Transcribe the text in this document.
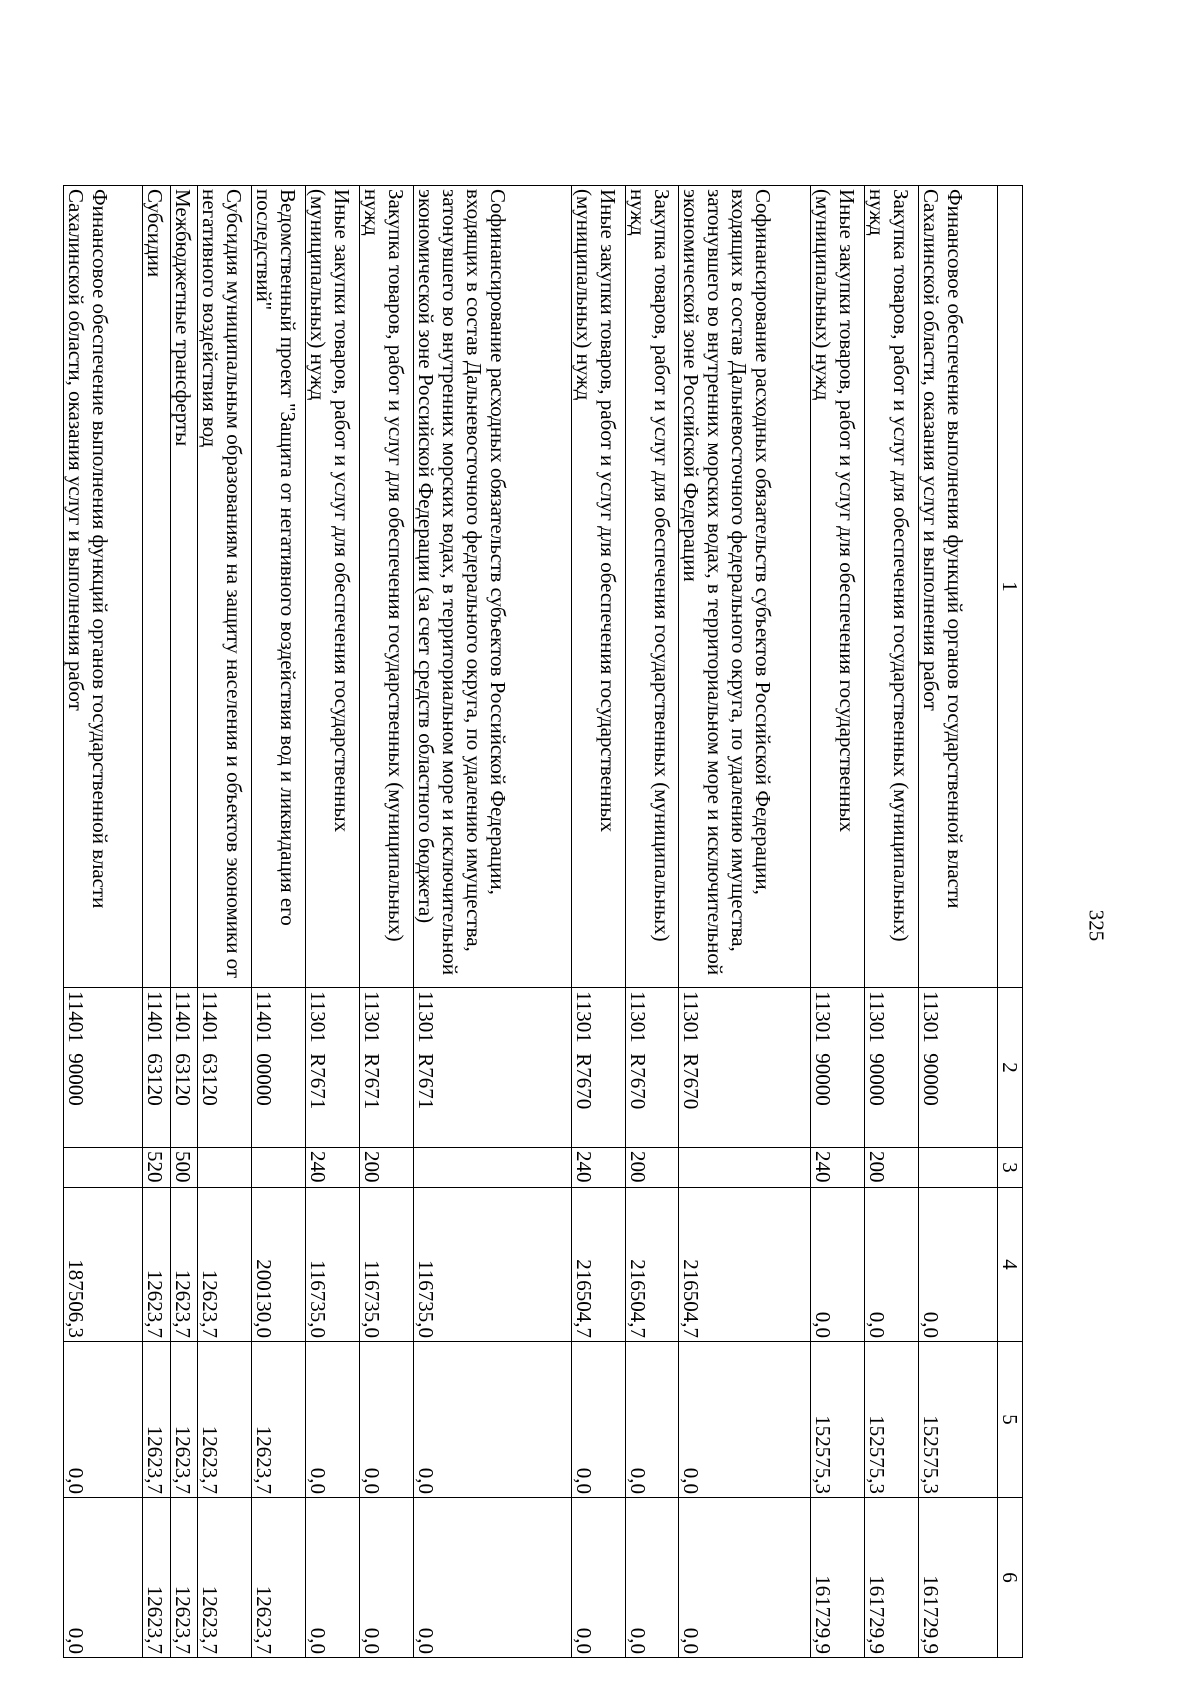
325
1	2	3	4	5	6
Финансовое обеспечение выполнения функций органов государственной власти Сахалинской области, оказания услуг и выполнения работ	11301  90000		0,0	152575,3	161729,9
Закупка товаров, работ и услуг для обеспечения государственных (муниципальных) нужд	11301  90000	200	0,0	152575,3	161729,9
Иные закупки товаров, работ и услуг для обеспечения государственных (муниципальных) нужд	11301  90000	240	0,0	152575,3	161729,9
Софинансирование расходных обязательств субъектов Российской Федерации, входящих в состав Дальневосточного федерального округа, по удалению имущества, затонувшего во внутренних морских водах, в территориальном море и исключительной экономической зоне Российской Федерации	11301  R7670		216504,7	0,0	0,0
Закупка товаров, работ и услуг для обеспечения государственных (муниципальных) нужд	11301  R7670	200	216504,7	0,0	0,0
Иные закупки товаров, работ и услуг для обеспечения государственных (муниципальных) нужд	11301  R7670	240	216504,7	0,0	0,0
Софинансирование расходных обязательств субъектов Российской Федерации, входящих в состав Дальневосточного федерального округа, по удалению имущества, затонувшего во внутренних морских водах, в территориальном море и исключительной экономической зоне Российской Федерации (за счет средств областного бюджета)	11301  R7671		116735,0	0,0	0,0
Закупка товаров, работ и услуг для обеспечения государственных (муниципальных) нужд	11301  R7671	200	116735,0	0,0	0,0
Иные закупки товаров, работ и услуг для обеспечения государственных (муниципальных) нужд	11301  R7671	240	116735,0	0,0	0,0
Ведомственный проект "Защита от негативного воздействия вод и ликвидация его последствий"	11401  00000		200130,0	12623,7	12623,7
Субсидия муниципальным образованиям на защиту населения и объектов экономики от негативного воздействия вод	11401  63120		12623,7	12623,7	12623,7
Межбюджетные трансферты	11401  63120	500	12623,7	12623,7	12623,7
Субсидии	11401  63120	520	12623,7	12623,7	12623,7
Финансовое обеспечение выполнения функций органов государственной власти Сахалинской области, оказания услуг и выполнения работ	11401  90000		187506,3	0,0	0,0
